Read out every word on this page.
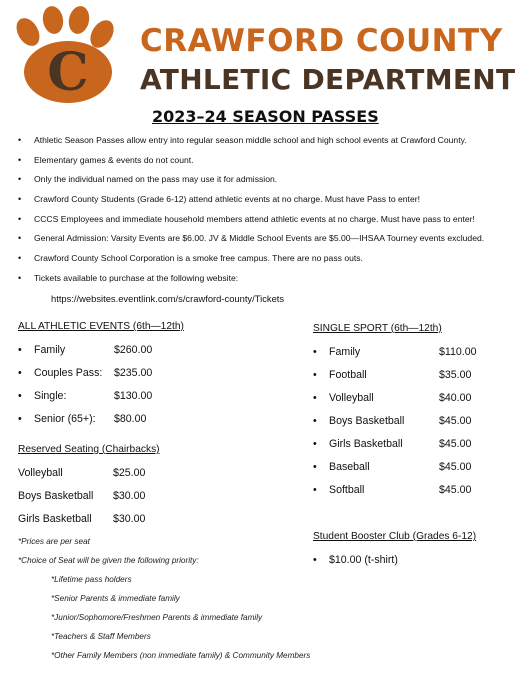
C
CRAWFORD COUNTY
ATHLETIC DEPARTMENT
2023–24 SEASON PASSES
• Athletic Season Passes allow entry into regular season middle school and high school events at Crawford County.
• Elementary games & events do not count.
• Only the individual named on the pass may use it for admission.
• Crawford County Students (Grade 6-12) attend athletic events at no charge. Must have Pass to enter!
• CCCS Employees and immediate household members attend athletic events at no charge. Must have pass to enter!
• General Admission: Varsity Events are $6.00. JV & Middle School Events are $5.00—IHSAA Tourney events excluded.
• Crawford County School Corporation is a smoke free campus. There are no pass outs.
• Tickets available to purchase at the following website:
https://websites.eventlink.com/s/crawford-county/Tickets
ALL ATHLETIC EVENTS (6th—12th)
• Family	$260.00
• Couples Pass: $235.00
• Single:	$130.00
• Senior (65+): $80.00
Reserved Seating (Chairbacks)
Volleyball	$25.00
Boys Basketball $30.00
Girls Basketball $30.00
*Prices are per seat
*Choice of Seat will be given the following priority:
*Lifetime pass holders
*Senior Parents & immediate family
*Junior/Sophomore/Freshmen Parents & immediate family
*Teachers & Staff Members
*Other Family Members (non immediate family) & Community Members
SINGLE SPORT (6th—12th)
• Family	$110.00
• Football	$35.00
• Volleyball	$40.00
• Boys Basketball	$45.00
• Girls Basketball	$45.00
• Baseball	$45.00
• Softball	$45.00
Student Booster Club (Grades 6-12)
• $10.00 (t-shirt)
